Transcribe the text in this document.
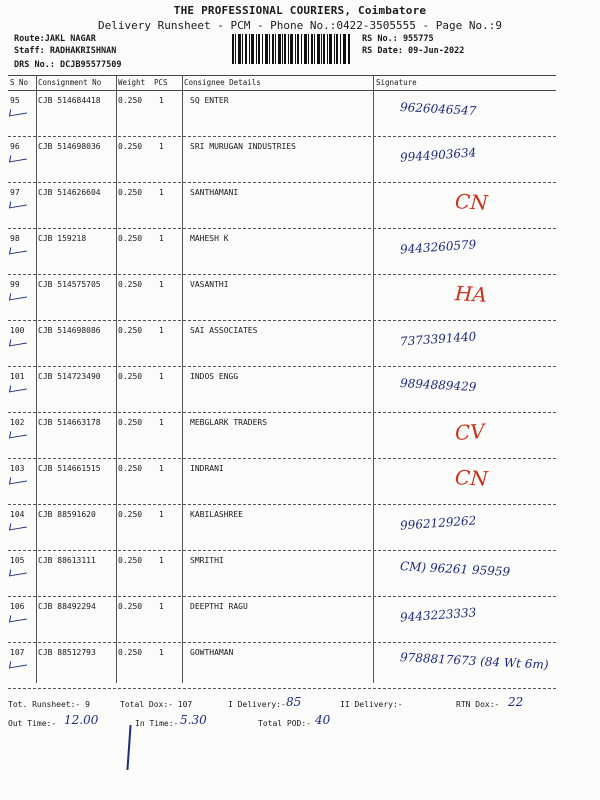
THE PROFESSIONAL COURIERS, Coimbatore
Delivery Runsheet - PCM - Phone No.:0422-3505555 - Page No.:9
Route:JAKL NAGAR
Staff: RADHAKRISHNAN
DRS No.: DCJB95577509
RS No.: 955775
RS Date: 09-Jun-2022
S No Consignment No Weight PCS Consignee Details	Signature
95 CJB 514684418 0.250 1	SQ ENTER	9626046547
96 CJB 514698036 0.250 1	SRI MURUGAN INDUSTRIES	9944903634
97 CJB 514626604 0.250 1	SANTHAMANI	CN
98 CJB 159218	0.250 1	MAHESH K	9443260579
99 CJB 514575705 0.250 1	VASANTHI	HA
100 CJB 514698086 0.250 1	SAI ASSOCIATES	7373391440
101 CJB 514723490 0.250 1	INDOS ENGG	9894889429
102 CJB 514663178 0.250 1	MEBGLARK TRADERS	CV
103 CJB 514661515 0.250 1	INDRANI	CN
104 CJB 88591620	0.250 1	KABILASHREE	9962129262
105 CJB 88613111	0.250 1	SMRITHI	CM) 96261 95959
106 CJB 88492294	0.250 1	DEEPTHI RAGU	9443223333
107 CJB 88512793	0.250 1	GOWTHAMAN	9788817673 (84 Wt 6m)
Tot. Runsheet:- 9	Total Dox:- 107	I Delivery:- 85	II Delivery:-	RTN Dox:- 22
Out Time:- 12.00	In Time:- 5.30	Total POD:- 40
